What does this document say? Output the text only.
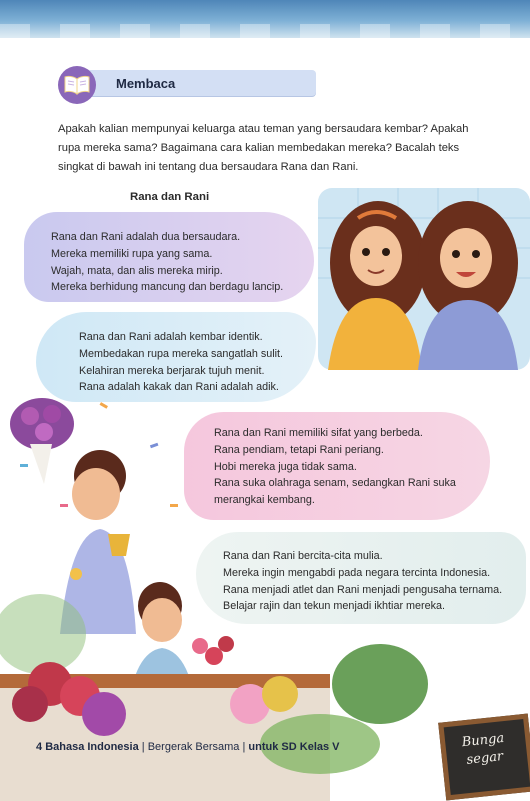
Membaca
Apakah kalian mempunyai keluarga atau teman yang bersaudara kembar? Apakah rupa mereka sama? Bagaimana cara kalian membedakan mereka? Bacalah teks singkat di bawah ini tentang dua bersaudara Rana dan Rani.
Rana dan Rani
Rana dan Rani adalah dua bersaudara.
Mereka memiliki rupa yang sama.
Wajah, mata, dan alis mereka mirip.
Mereka berhidung mancung dan berdagu lancip.
Rana dan Rani adalah kembar identik.
Membedakan rupa mereka sangatlah sulit.
Kelahiran mereka berjarak tujuh menit.
Rana adalah kakak dan Rani adalah adik.
Rana dan Rani memiliki sifat yang berbeda.
Rana pendiam, tetapi Rani periang.
Hobi mereka juga tidak sama.
Rana suka olahraga senam, sedangkan Rani suka merangkai kembang.
Rana dan Rani bercita-cita mulia.
Mereka ingin mengabdi pada negara tercinta Indonesia.
Rana menjadi atlet dan Rani menjadi pengusaha ternama.
Belajar rajin dan tekun menjadi ikhtiar mereka.
Bunga
segar
4 Bahasa Indonesia | Bergerak Bersama | untuk SD Kelas V
